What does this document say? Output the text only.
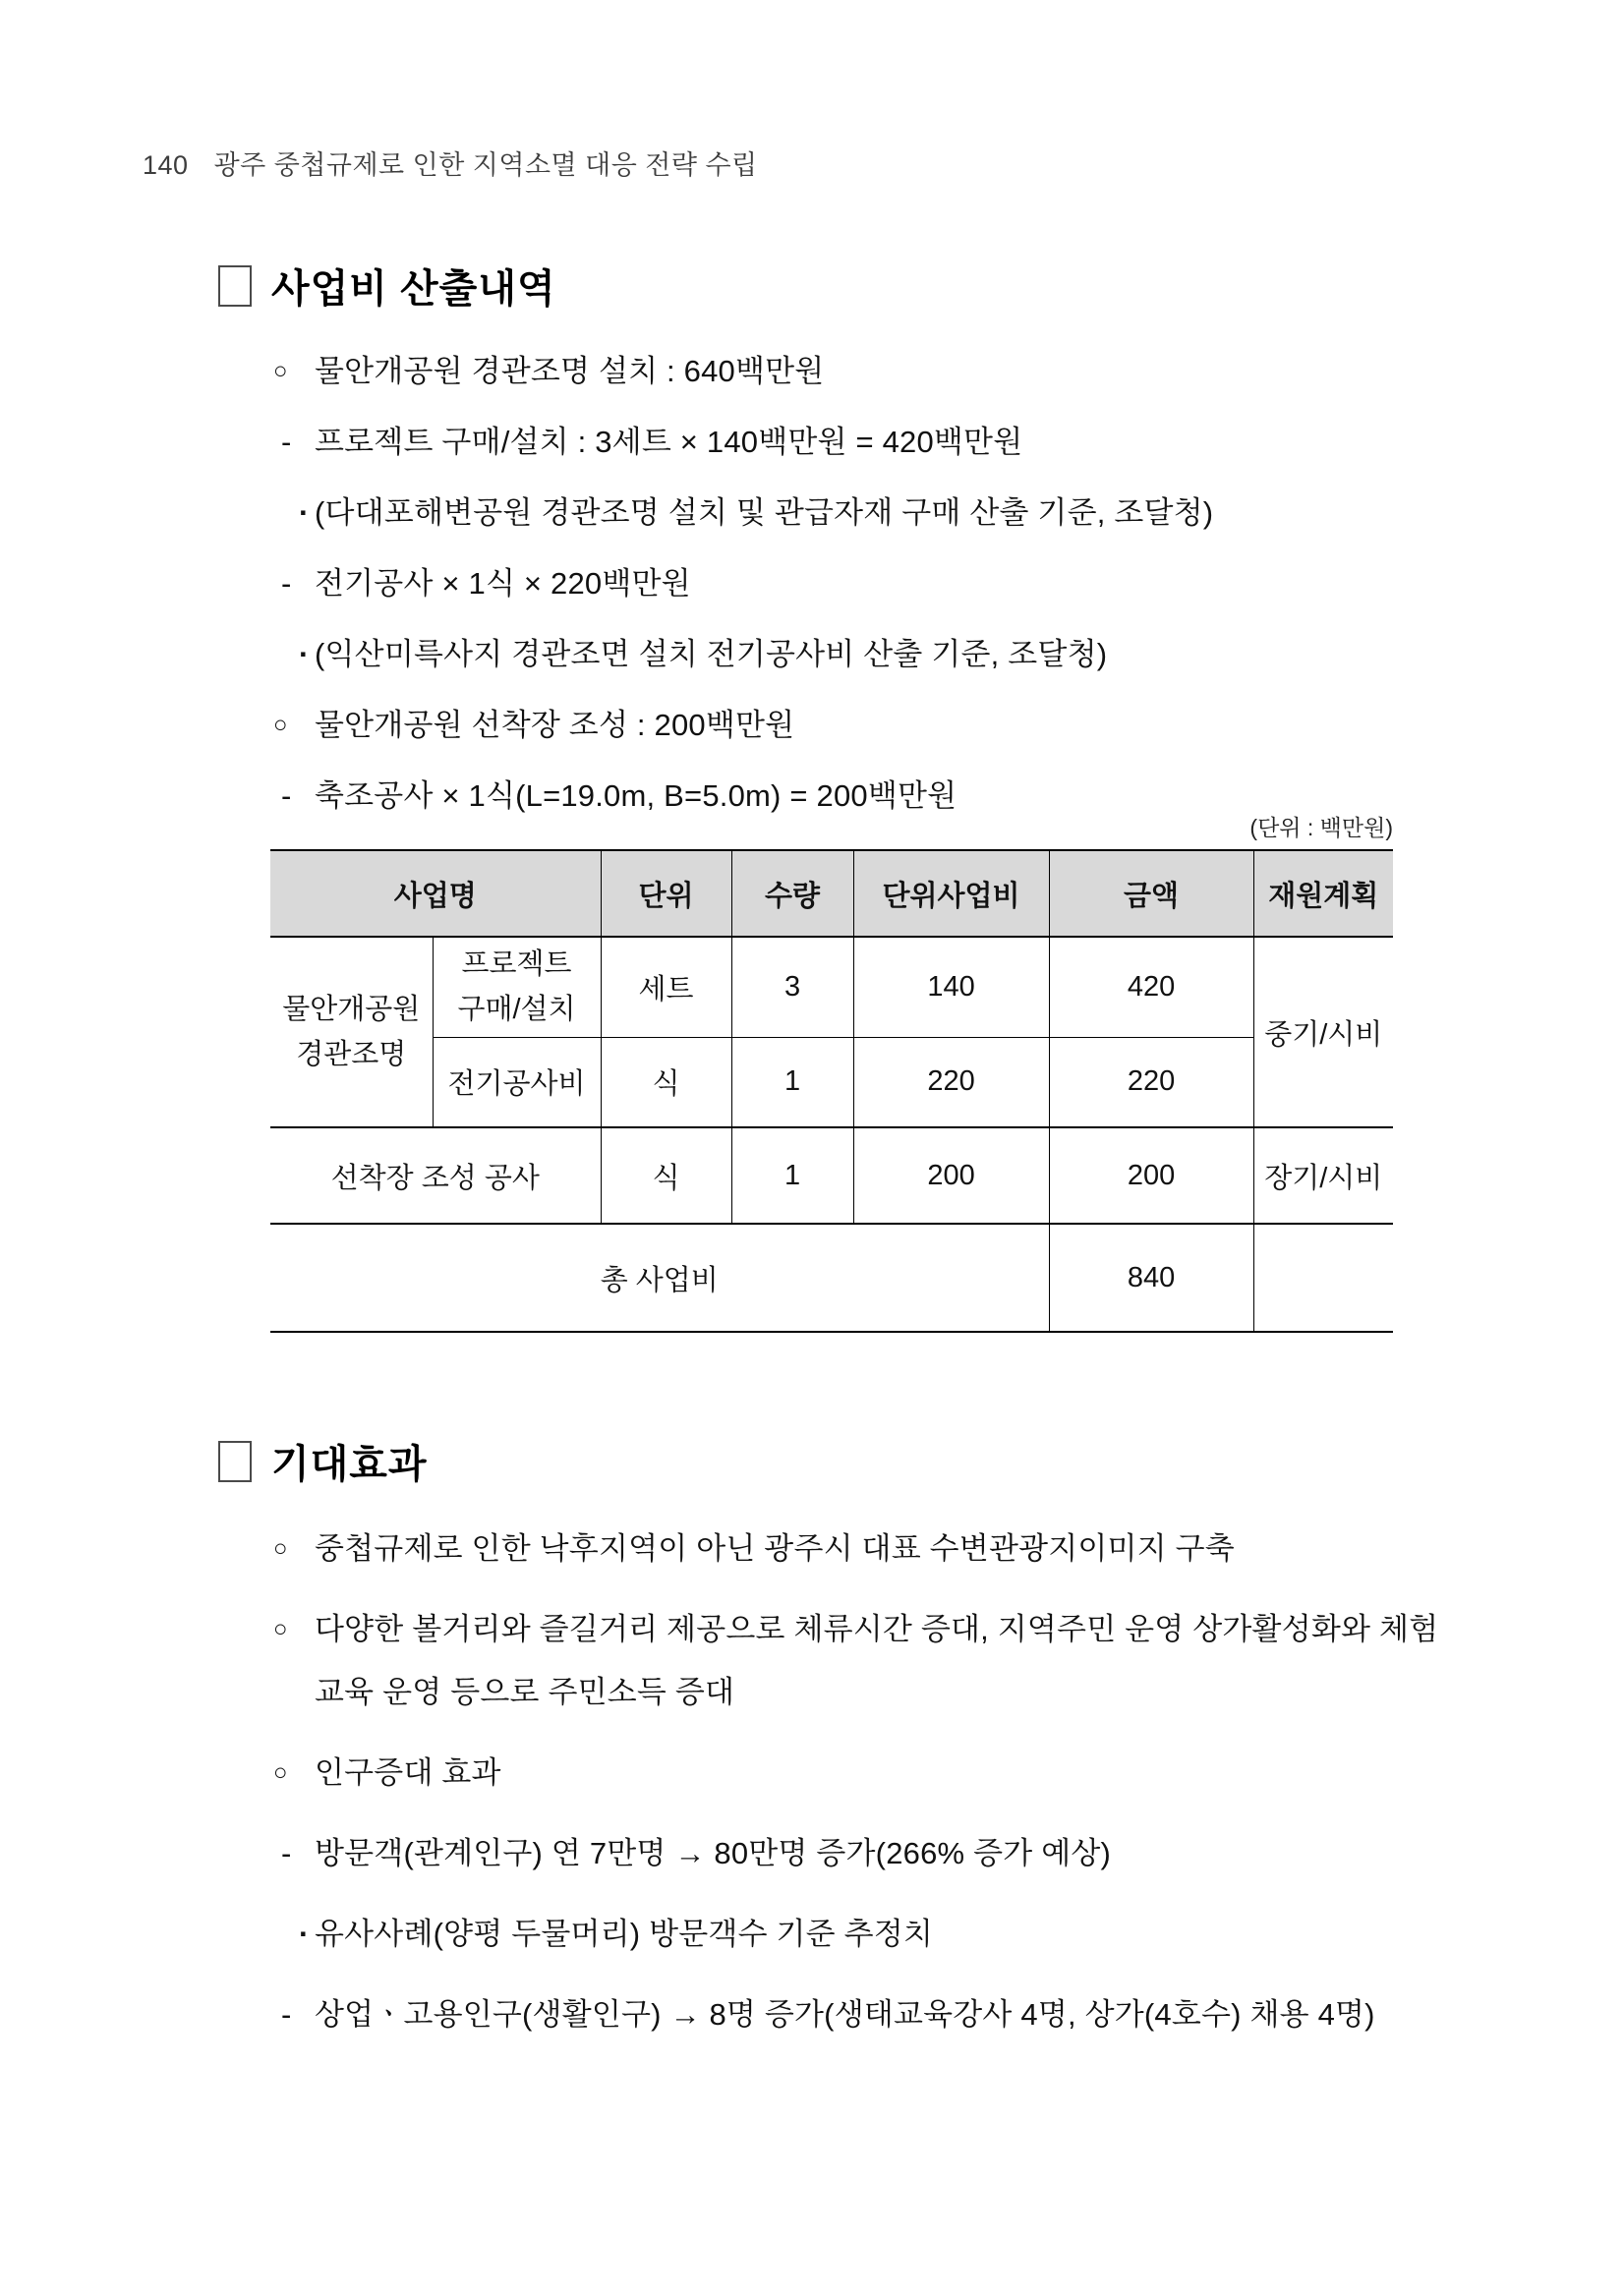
140 광주 중첩규제로 인한 지역소멸 대응 전략 수립
사업비 산출내역
○ 물안개공원 경관조명 설치 : 640백만원
- 프로젝트 구매/설치 : 3세트 × 140백만원 = 420백만원
· (다대포해변공원 경관조명 설치 및 관급자재 구매 산출 기준, 조달청)
- 전기공사 × 1식 × 220백만원
· (익산미륵사지 경관조면 설치 전기공사비 산출 기준, 조달청)
○ 물안개공원 선착장 조성 : 200백만원
- 축조공사 × 1식(L=19.0m, B=5.0m) = 200백만원
(단위 : 백만원)
사업명		단위	수량	단위사업비	금액	재원계획
물안개공원 경관조명	프로젝트 구매/설치	세트	3	140	420	중기/시비
	전기공사비	식	1	220	220	
선착장 조성 공사		식	1	200	200	장기/시비
총 사업비					840	
기대효과
○ 중첩규제로 인한 낙후지역이 아닌 광주시 대표 수변관광지이미지 구축
○ 다양한 볼거리와 즐길거리 제공으로 체류시간 증대, 지역주민 운영 상가활성화와 체험교육 운영 등으로 주민소득 증대
○ 인구증대 효과
- 방문객(관계인구) 연 7만명 → 80만명 증가(266% 증가 예상)
· 유사사례(양평 두물머리) 방문객수 기준 추정치
- 상업ㆍ고용인구(생활인구) → 8명 증가(생태교육강사 4명, 상가(4호수) 채용 4명)
